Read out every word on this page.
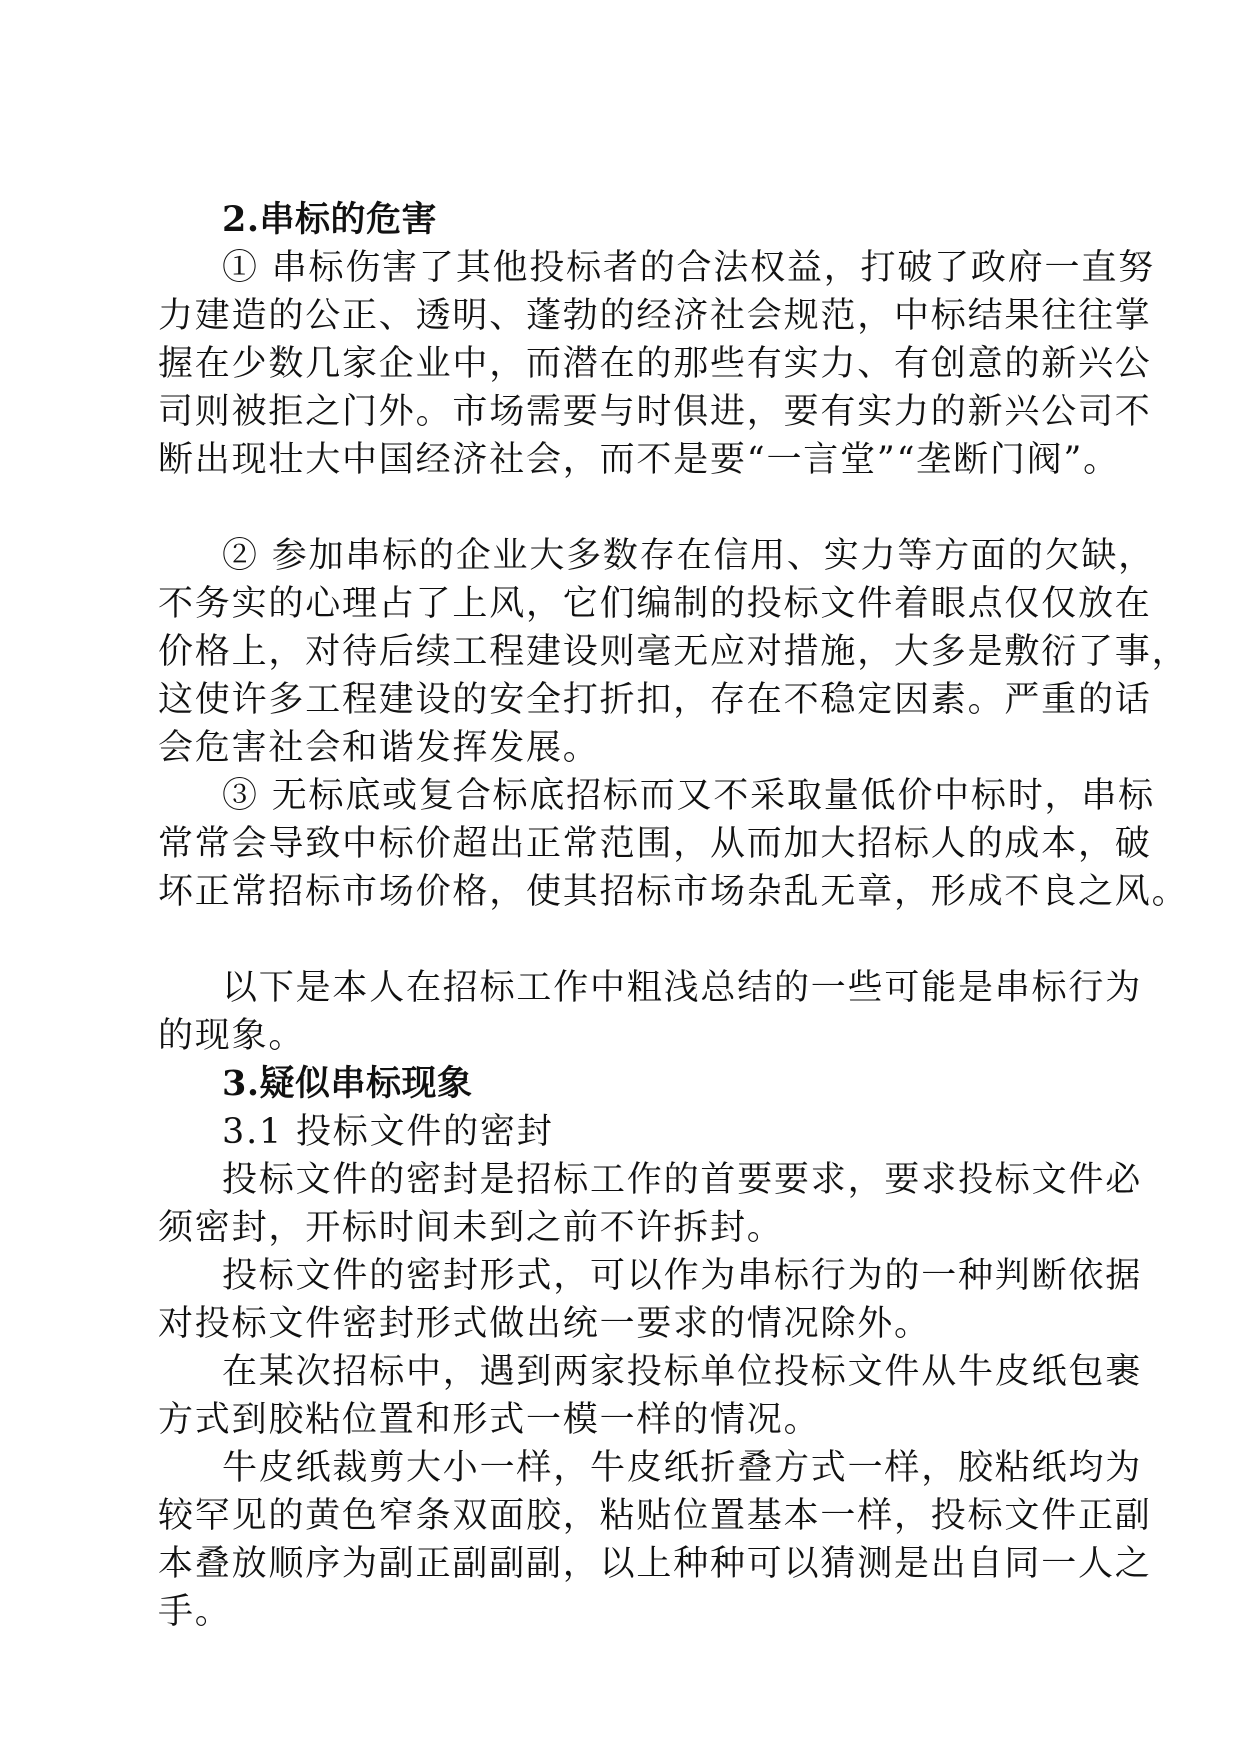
2.串标的危害
① 串标伤害了其他投标者的合法权益，打破了政府一直努
力建造的公正、透明、蓬勃的经济社会规范，中标结果往往掌
握在少数几家企业中，而潜在的那些有实力、有创意的新兴公
司则被拒之门外。市场需要与时俱进，要有实力的新兴公司不
断出现壮大中国经济社会，而不是要“一言堂”“垄断门阀”。
② 参加串标的企业大多数存在信用、实力等方面的欠缺，
不务实的心理占了上风，它们编制的投标文件着眼点仅仅放在
价格上，对待后续工程建设则毫无应对措施，大多是敷衍了事，
这使许多工程建设的安全打折扣，存在不稳定因素。严重的话
会危害社会和谐发挥发展。
③ 无标底或复合标底招标而又不采取量低价中标时，串标
常常会导致中标价超出正常范围，从而加大招标人的成本，破
坏正常招标市场价格，使其招标市场杂乱无章，形成不良之风。
以下是本人在招标工作中粗浅总结的一些可能是串标行为
的现象。
3.疑似串标现象
3.1 投标文件的密封
投标文件的密封是招标工作的首要要求，要求投标文件必
须密封，开标时间未到之前不许拆封。
投标文件的密封形式，可以作为串标行为的一种判断依据
对投标文件密封形式做出统一要求的情况除外。
在某次招标中，遇到两家投标单位投标文件从牛皮纸包裹
方式到胶粘位置和形式一模一样的情况。
牛皮纸裁剪大小一样，牛皮纸折叠方式一样，胶粘纸均为
较罕见的黄色窄条双面胶，粘贴位置基本一样，投标文件正副
本叠放顺序为副正副副副，以上种种可以猜测是出自同一人之
手。
